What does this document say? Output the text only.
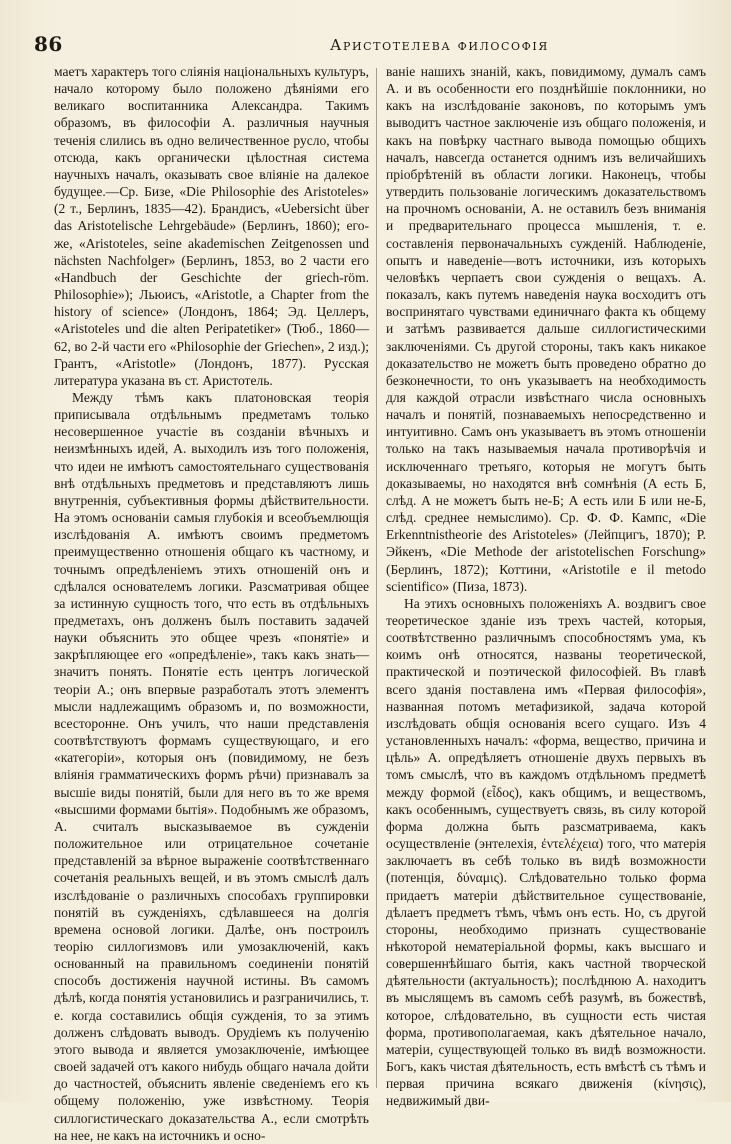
86	Аристотелева философія

маетъ характеръ того сліянія національныхъ культуръ, начало которому было положено дѣяніями его великаго воспитанника Александра. Такимъ образомъ, въ философіи А. различныя научныя теченія слились въ одно величественное русло, чтобы отсюда, какъ органически цѣлостная система научныхъ началъ, оказывать свое вліяніе на далекое будущее.—Ср. Бизе, «Die Philosophie des Aristoteles» (2 т., Берлинъ, 1835—42). Брандисъ, «Uebersicht über das Aristotelische Lehrgebäude» (Берлинъ, 1860); его-же, «Aristoteles, seine akademischen Zeitgenossen und nächsten Nachfolger» (Берлинъ, 1853, во 2 части его «Handbuch der Geschichte der griech-röm. Philosophie»); Льюисъ, «Aristotle, a Chapter from the history of science» (Лондонъ, 1864; Эд. Целлеръ, «Aristoteles und die alten Peripatetiker» (Тюб., 1860—62, во 2-й части его «Philosophie der Griechen», 2 изд.); Грантъ, «Aristotle» (Лондонъ, 1877). Русская литература указана въ ст. Аристотель.

Между тѣмъ какъ платоновская теорія приписывала отдѣльнымъ предметамъ только несовершенное участіе въ созданіи вѣчныхъ и неизмѣнныхъ идей, А. выходилъ изъ того положенія, что идеи не имѣютъ самостоятельнаго существованія внѣ отдѣльныхъ предметовъ и представляютъ лишь внутреннія, субъективныя формы дѣйствительности. На этомъ основаніи самыя глубокія и всеобъемлющія изслѣдованія А. имѣютъ своимъ предметомъ преимущественно отношенія общаго къ частному, и точнымъ опредѣленіемъ этихъ отношеній онъ и сдѣлался основателемъ логики. Разсматривая общее за истинную сущность того, что есть въ отдѣльныхъ предметахъ, онъ долженъ былъ поставить задачей науки объяснить это общее чрезъ «понятіе» и закрѣпляющее его «опредѣленіе», такъ какъ знать—значитъ понять. Понятіе есть центръ логической теоріи А.; онъ впервые разработалъ этотъ элементъ мысли надлежащимъ образомъ и, по возможности, всесторонне. Онъ училъ, что наши представленія соотвѣтствуютъ формамъ существующаго, и его «категоріи», которыя онъ (повидимому, не безъ вліянія грамматическихъ формъ рѣчи) признавалъ за высшіе виды понятій, были для него въ то же время «высшими формами бытія». Подобнымъ же образомъ, А. считалъ высказываемое въ сужденіи положительное или отрицательное сочетаніе представленій за вѣрное выраженіе соотвѣтственнаго сочетанія реальныхъ вещей, и въ этомъ смыслѣ далъ изслѣдованіе о различныхъ способахъ группировки понятій въ сужденіяхъ, сдѣлавшееся на долгія времена основой логики. Далѣе, онъ построилъ теорію силлогизмовъ или умозаключеній, какъ основанный на правильномъ соединеніи понятій способъ достиженія научной истины. Въ самомъ дѣлѣ, когда понятія установились и разграничились, т. е. когда составились общія сужденія, то за этимъ долженъ слѣдовать выводъ. Орудіемъ къ полученію этого вывода и является умозаключеніе, имѣющее своей задачей отъ какого нибудь общаго начала дойти до частностей, объяснить явленіе сведеніемъ его къ общему положенію, уже извѣстному. Теорія силлогистическаго доказательства А., если смотрѣть на нее, не какъ на источникъ и осно-

ваніе нашихъ знаній, какъ, повидимому, думалъ самъ А. и въ особенности его позднѣйшіе поклонники, но какъ на изслѣдованіе законовъ, по которымъ умъ выводитъ частное заключеніе изъ общаго положенія, и какъ на повѣрку частнаго вывода помощью общихъ началъ, навсегда останется однимъ изъ величайшихъ пріобрѣтеній въ области логики. Наконецъ, чтобы утвердить пользованіе логическимъ доказательствомъ на прочномъ основаніи, А. не оставилъ безъ вниманія и предварительнаго процесса мышленія, т. е. составленія первоначальныхъ сужденій. Наблюденіе, опытъ и наведеніе—вотъ источники, изъ которыхъ человѣкъ черпаетъ свои сужденія о вещахъ. А. показалъ, какъ путемъ наведенія наука восходитъ отъ воспринятаго чувствами единичнаго факта къ общему и затѣмъ развивается дальше силлогистическими заключеніями. Съ другой стороны, такъ какъ никакое доказательство не можетъ быть проведено обратно до безконечности, то онъ указываетъ на необходимость для каждой отрасли извѣстнаго числа основныхъ началъ и понятій, познаваемыхъ непосредственно и интуитивно. Самъ онъ указываетъ въ этомъ отношеніи только на такъ называемыя начала противорѣчія и исключеннаго третьяго, которыя не могутъ быть доказываемы, но находятся внѣ сомнѣнія (А есть Б, слѣд. А не можетъ быть не-Б; А есть или Б или не-Б, слѣд. среднее немыслимо). Ср. Ф. Ф. Кампс, «Die Erkenntnistheorie des Aristoteles» (Лейпцигъ, 1870); Р. Эйкенъ, «Die Methode der aristotelischen Forschung» (Берлинъ, 1872); Коттини, «Aristotile e il metodo scientifico» (Пиза, 1873).

На этихъ основныхъ положеніяхъ А. воздвигъ свое теоретическое зданіе изъ трехъ частей, которыя, соотвѣтственно различнымъ способностямъ ума, къ коимъ онѣ относятся, названы теоретической, практической и поэтической философіей. Въ главѣ всего зданія поставлена имъ «Первая философія», названная потомъ метафизикой, задача которой изслѣдовать общія основанія всего сущаго. Изъ 4 установленныхъ началъ: «форма, вещество, причина и цѣль» А. опредѣляетъ отношеніе двухъ первыхъ въ томъ смыслѣ, что въ каждомъ отдѣльномъ предметѣ между формой (εἶδος), какъ общимъ, и веществомъ, какъ особеннымъ, существуетъ связь, въ силу которой форма должна быть разсматриваема, какъ осуществленіе (энтелехія, ἐντελέχεια) того, что матерія заключаетъ въ себѣ только въ видѣ возможности (потенція, δύναμις). Слѣдовательно только форма придаетъ матеріи дѣйствительное существованіе, дѣлаетъ предметъ тѣмъ, чѣмъ онъ есть. Но, съ другой стороны, необходимо признать существованіе нѣкоторой нематеріальной формы, какъ высшаго и совершеннѣйшаго бытія, какъ частной творческой дѣятельности (актуальность); послѣднюю А. находитъ въ мыслящемъ въ самомъ себѣ разумѣ, въ божествѣ, которое, слѣдовательно, въ сущности есть чистая форма, противополагаемая, какъ дѣятельное начало, матеріи, существующей только въ видѣ возможности. Богъ, какъ чистая дѣятельность, есть вмѣстѣ съ тѣмъ и первая причина всякаго движенія (κίνησις), недвижимый дви-
